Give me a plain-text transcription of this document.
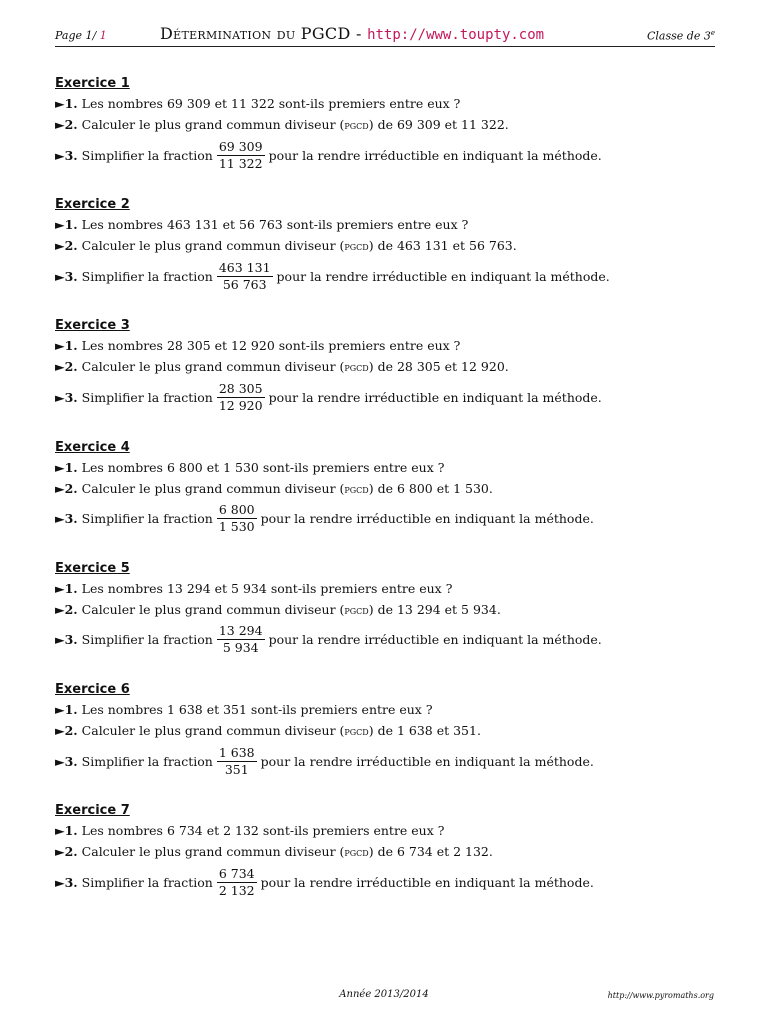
Page 1/ 1	Détermination du PGCD - http://www.toupty.com	Classe de 3e
Exercice 1
►1. Les nombres 69 309 et 11 322 sont-ils premiers entre eux ?
►2. Calculer le plus grand commun diviseur (pgcd) de 69 309 et 11 322.
►3. Simplifier la fraction $\frac{69 309}{11 322}$ pour la rendre irréductible en indiquant la méthode.
Exercice 2
►1. Les nombres 463 131 et 56 763 sont-ils premiers entre eux ?
►2. Calculer le plus grand commun diviseur (pgcd) de 463 131 et 56 763.
►3. Simplifier la fraction $\frac{463 131}{56 763}$ pour la rendre irréductible en indiquant la méthode.
Exercice 3
►1. Les nombres 28 305 et 12 920 sont-ils premiers entre eux ?
►2. Calculer le plus grand commun diviseur (pgcd) de 28 305 et 12 920.
►3. Simplifier la fraction $\frac{28 305}{12 920}$ pour la rendre irréductible en indiquant la méthode.
Exercice 4
►1. Les nombres 6 800 et 1 530 sont-ils premiers entre eux ?
►2. Calculer le plus grand commun diviseur (pgcd) de 6 800 et 1 530.
►3. Simplifier la fraction $\frac{6 800}{1 530}$ pour la rendre irréductible en indiquant la méthode.
Exercice 5
►1. Les nombres 13 294 et 5 934 sont-ils premiers entre eux ?
►2. Calculer le plus grand commun diviseur (pgcd) de 13 294 et 5 934.
►3. Simplifier la fraction $\frac{13 294}{5 934}$ pour la rendre irréductible en indiquant la méthode.
Exercice 6
►1. Les nombres 1 638 et 351 sont-ils premiers entre eux ?
►2. Calculer le plus grand commun diviseur (pgcd) de 1 638 et 351.
►3. Simplifier la fraction $\frac{1 638}{351}$ pour la rendre irréductible en indiquant la méthode.
Exercice 7
►1. Les nombres 6 734 et 2 132 sont-ils premiers entre eux ?
►2. Calculer le plus grand commun diviseur (pgcd) de 6 734 et 2 132.
►3. Simplifier la fraction $\frac{6 734}{2 132}$ pour la rendre irréductible en indiquant la méthode.
Année 2013/2014	http://www.pyromaths.org
